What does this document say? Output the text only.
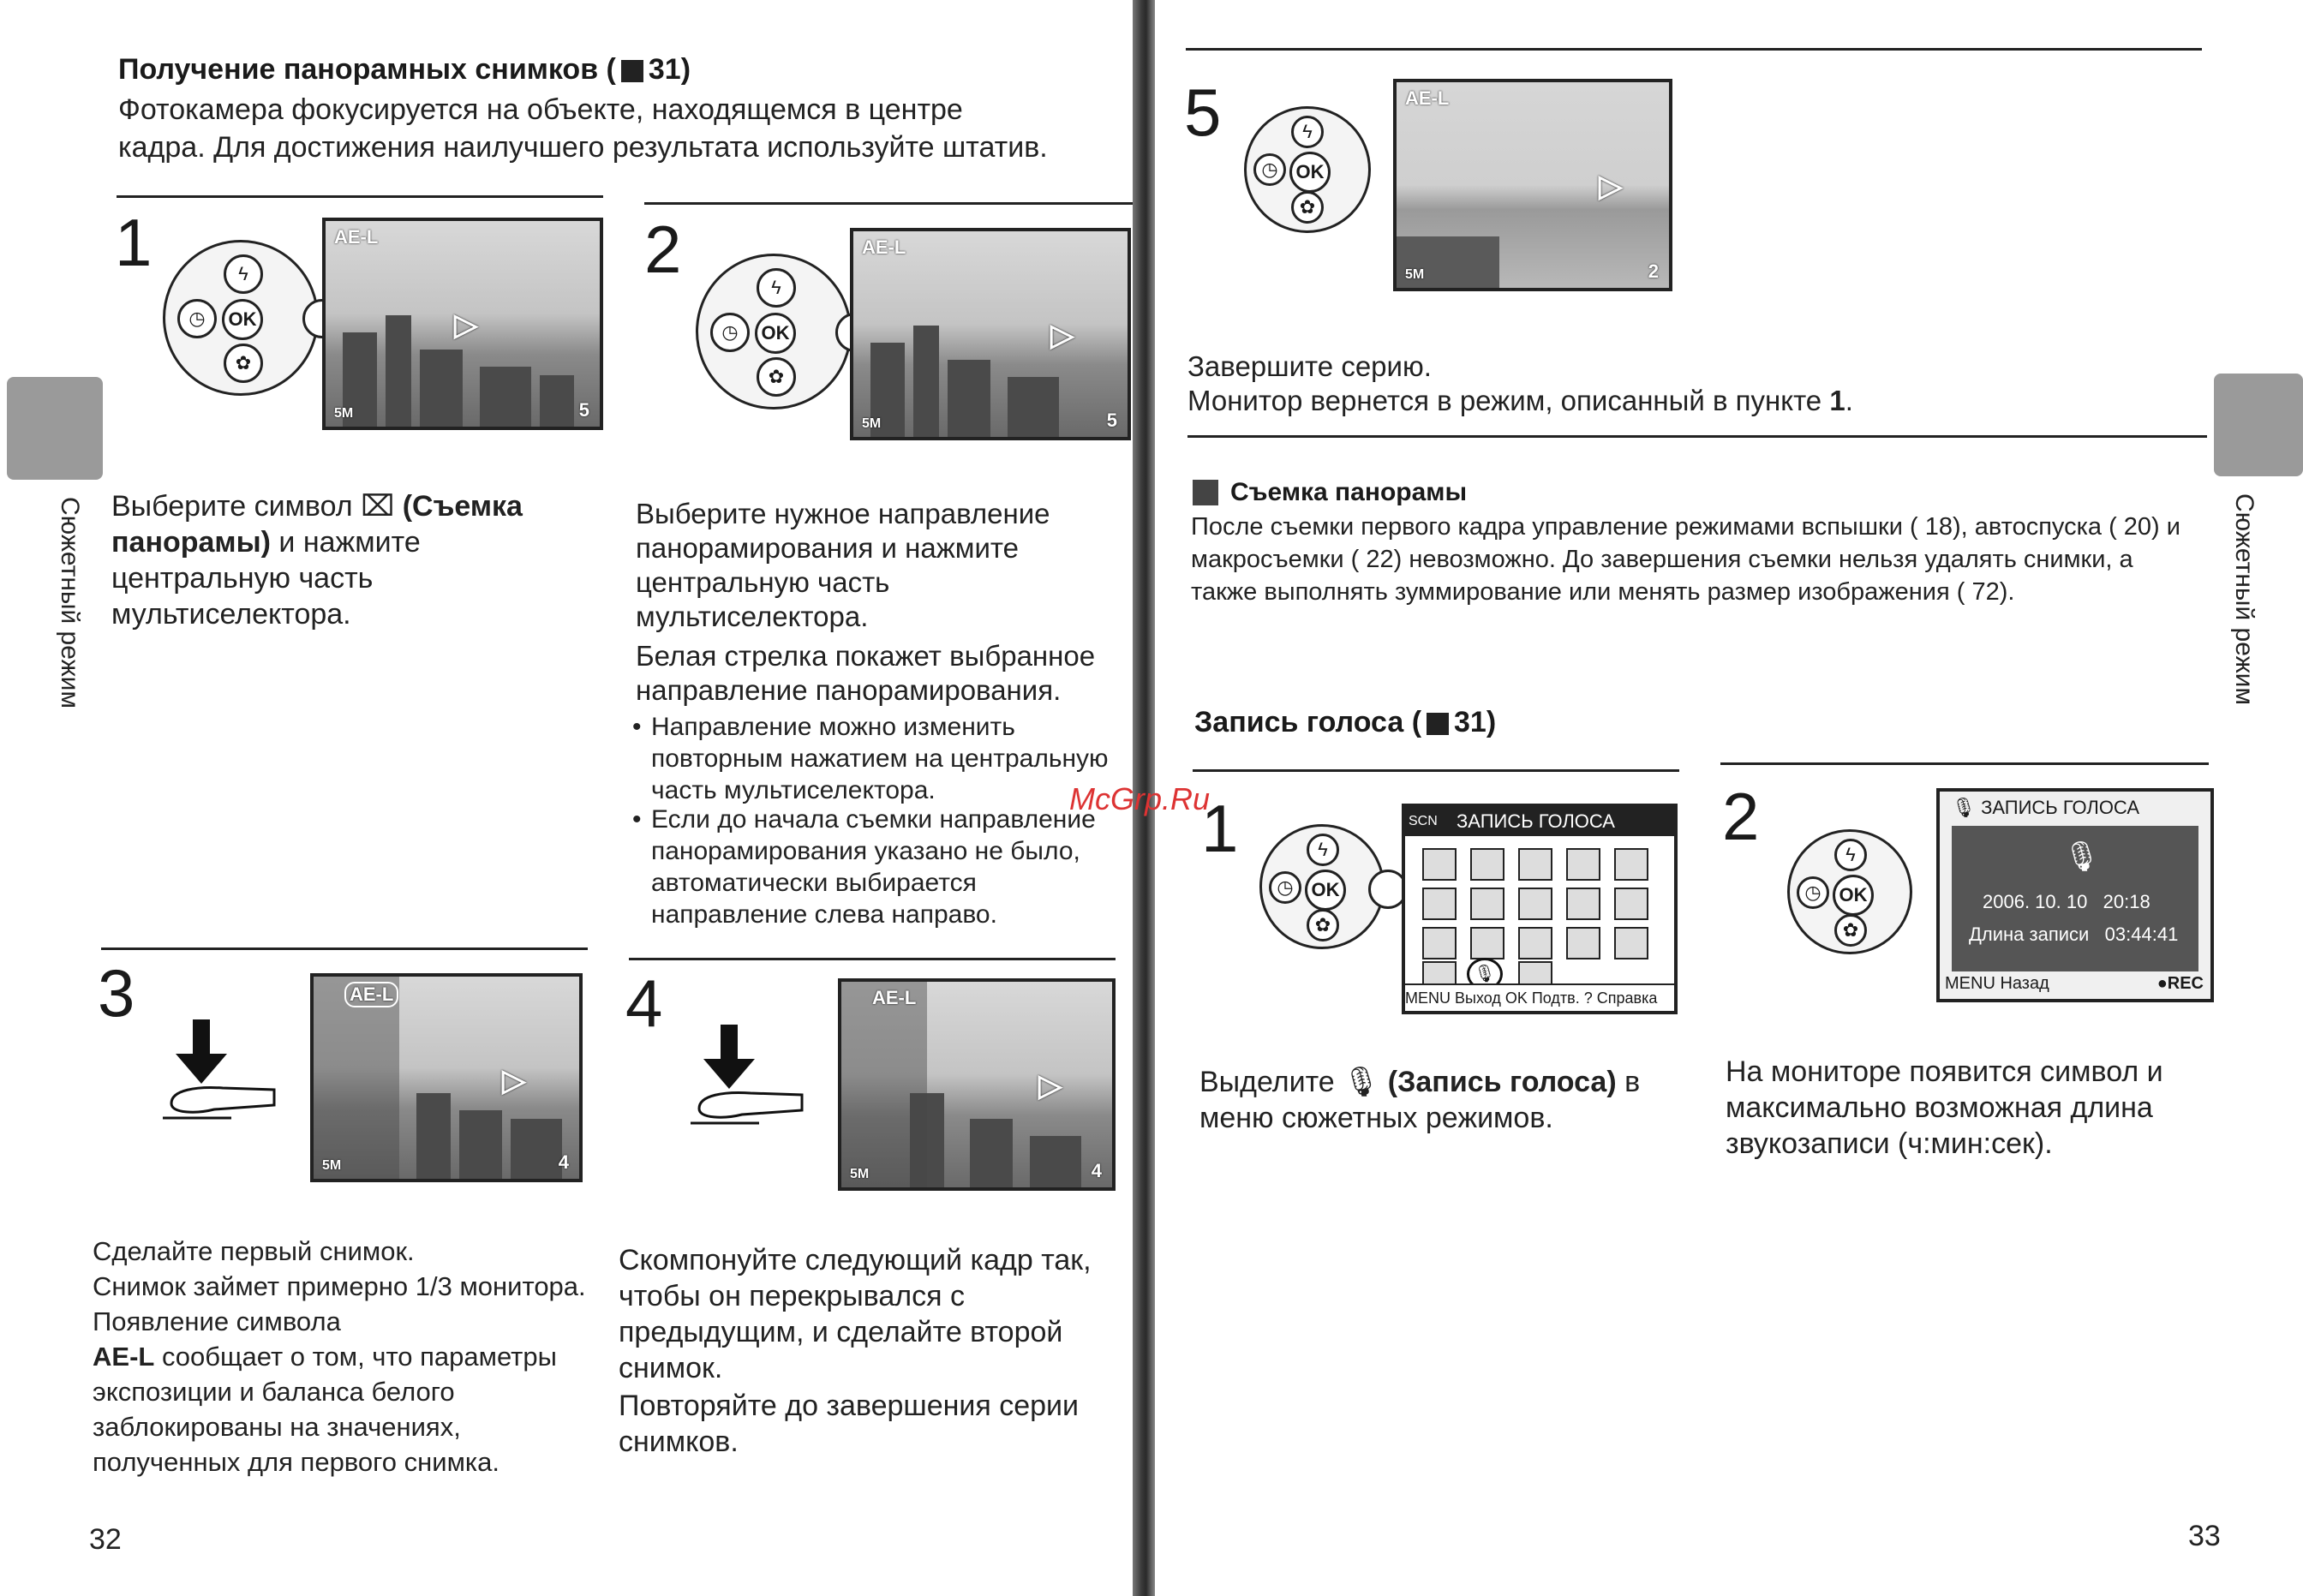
Получение панорамных снимков ( 31)
Фотокамера фокусируется на объекте, находящемся в центре
кадра. Для достижения наилучшего результата используйте штатив.
1	ϟ
◷	OK
✿
AE-L
5M	5
▷
Выберите символ ⌧ (Съемка панорамы) и нажмите центральную часть мультиселектора.
2
ϟ
◷	OK
✿
AE-L
5M	5
▷
Выберите нужное направление панорамирования и нажмите центральную часть мультиселектора.
Белая стрелка покажет выбранное направление панорамирования.
• Направление можно изменить повторным нажатием на центральную часть мультиселектора.
• Если до начала съемки направление панорамирования указано не было, автоматически выбирается направление слева направо.
3	AE-L
5M	4
▷
Сделайте первый снимок.
Снимок займет примерно 1/3 монитора. Появление символа
AE-L сообщает о том, что параметры экспозиции и баланса белого заблокированы на значениях, полученных для первого снимка.
4	AE-L
5M	4
▷
Скомпонуйте следующий кадр так, чтобы он перекрывался с предыдущим, и сделайте второй снимок.
Повторяйте до завершения серии снимков.
32
Сюжетный режим
McGrp.Ru
5	ϟ
◷ OK
✿
AE-L
5M	2
▷
Завершите серию.
Монитор вернется в режим, описанный в пункте 1.
Съемка панорамы
После съемки первого кадра управление режимами вспышки ( 18), автоспуска ( 20) и макросъемки ( 22) невозможно. До завершения съемки нельзя удалять снимки, а также выполнять зуммирование или менять размер изображения ( 72).
Запись голоса ( 31)
1	ϟ
◷ OK
✿
SCN ЗАПИСЬ ГОЛОСА
🎙
MENU Выход OK Подтв. ? Справка
Выделите 🎙 (Запись голоса) в меню сюжетных режимов.
2
ϟ
◷ OK
✿
🎙 ЗАПИСЬ ГОЛОСА
🎙
2006. 10. 10   20:18
Длина записи   03:44:41
MENU Назад	●REC
На мониторе появится символ и максимально возможная длина звукозаписи (ч:мин:сек).
33
Сюжетный режим
